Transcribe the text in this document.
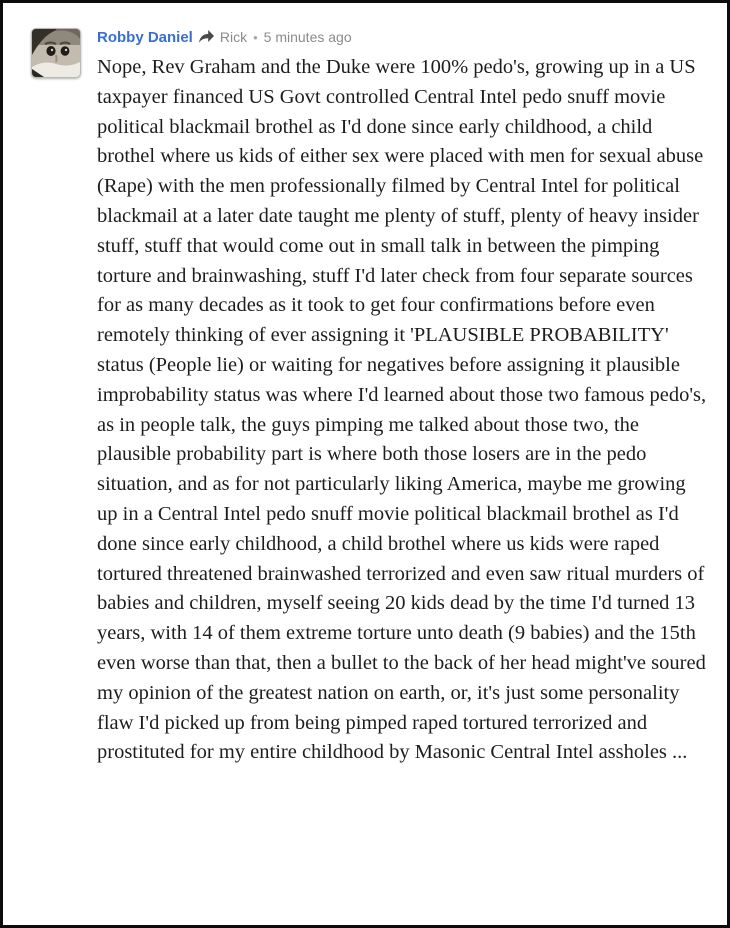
Robby Daniel Rick • 5 minutes ago
Nope, Rev Graham and the Duke were 100% pedo's, growing up in a US taxpayer financed US Govt controlled Central Intel pedo snuff movie political blackmail brothel as I'd done since early childhood, a child brothel where us kids of either sex were placed with men for sexual abuse (Rape) with the men professionally filmed by Central Intel for political blackmail at a later date taught me plenty of stuff, plenty of heavy insider stuff, stuff that would come out in small talk in between the pimping torture and brainwashing, stuff I'd later check from four separate sources for as many decades as it took to get four confirmations before even remotely thinking of ever assigning it 'PLAUSIBLE PROBABILITY' status (People lie) or waiting for negatives before assigning it plausible improbability status was where I'd learned about those two famous pedo's, as in people talk, the guys pimping me talked about those two, the plausible probability part is where both those losers are in the pedo situation, and as for not particularly liking America, maybe me growing up in a Central Intel pedo snuff movie political blackmail brothel as I'd done since early childhood, a child brothel where us kids were raped tortured threatened brainwashed terrorized and even saw ritual murders of babies and children, myself seeing 20 kids dead by the time I'd turned 13 years, with 14 of them extreme torture unto death (9 babies) and the 15th even worse than that, then a bullet to the back of her head might've soured my opinion of the greatest nation on earth, or, it's just some personality flaw I'd picked up from being pimped raped tortured terrorized and prostituted for my entire childhood by Masonic Central Intel assholes ...
